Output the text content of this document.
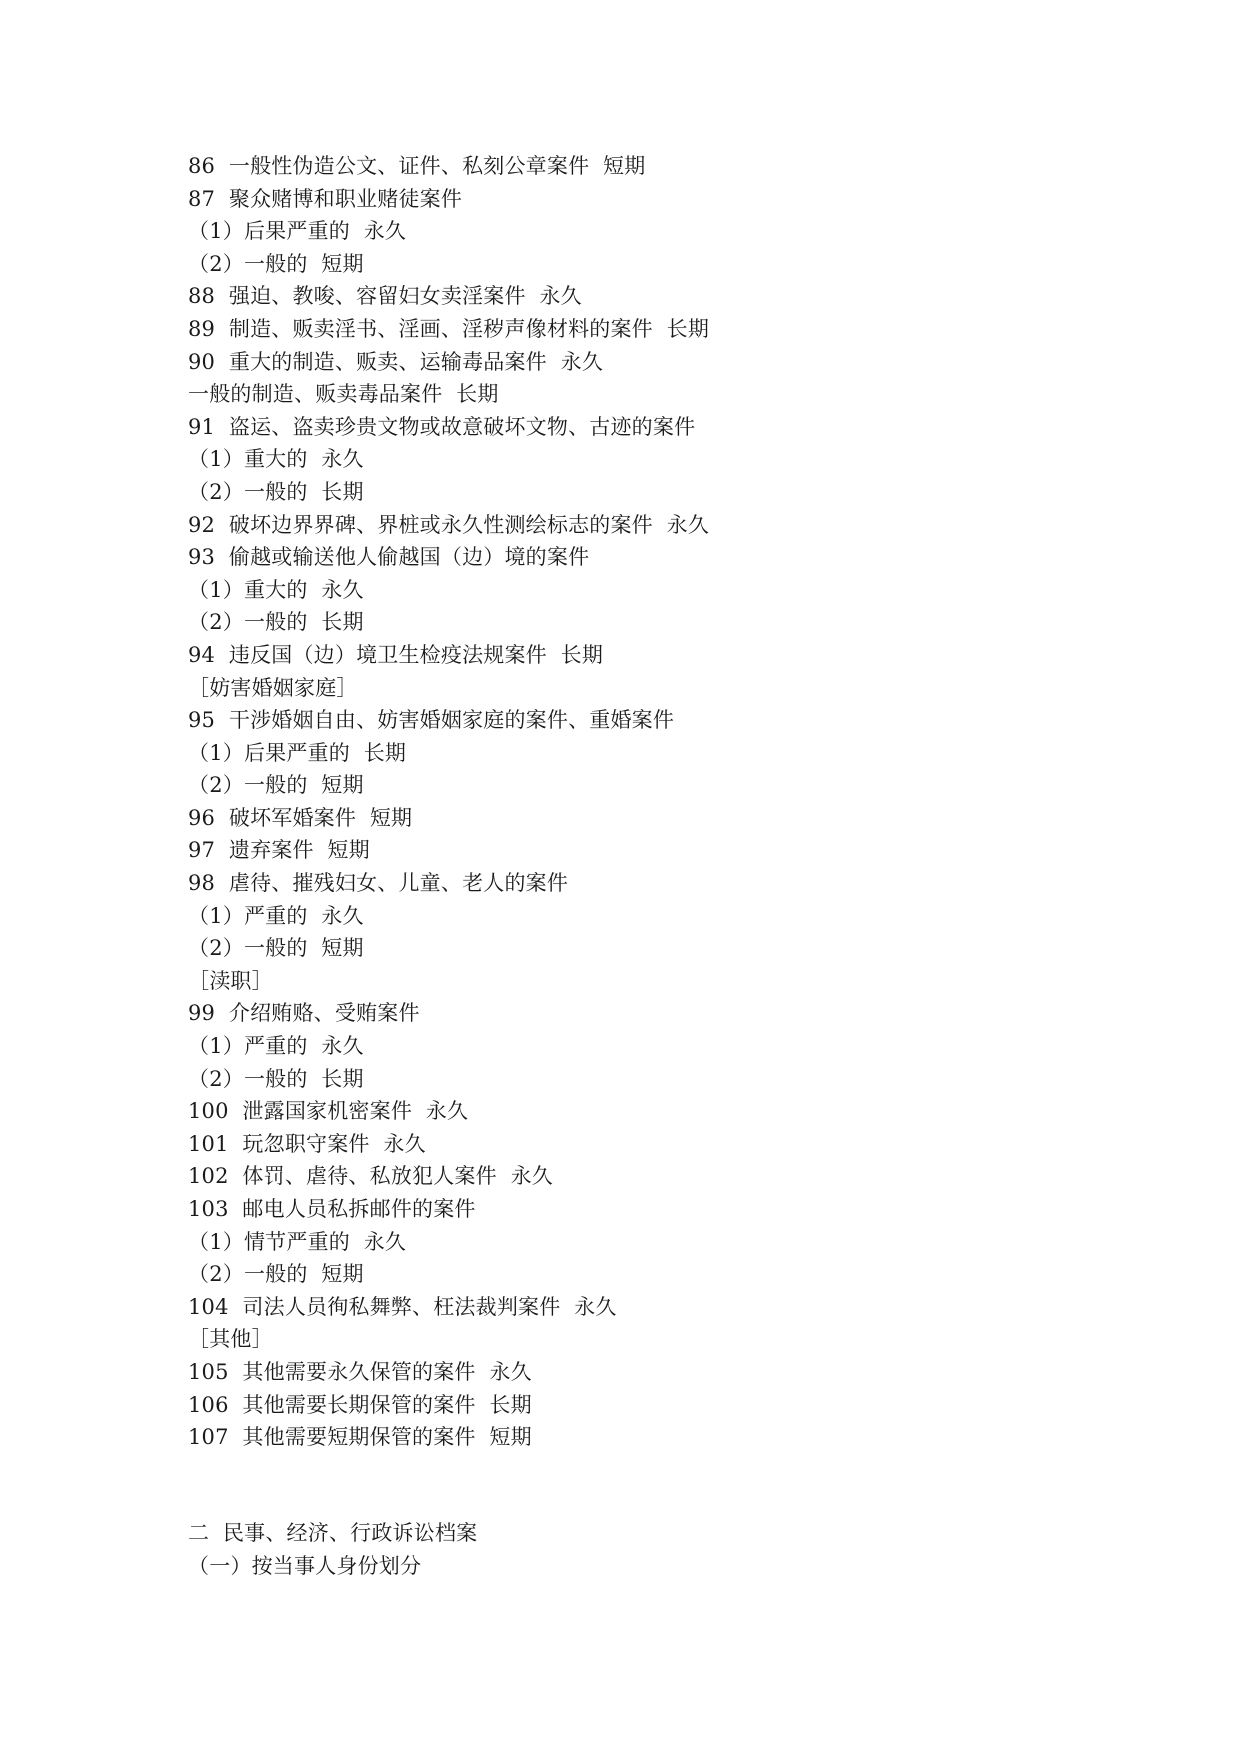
86  一般性伪造公文、证件、私刻公章案件  短期
87  聚众赌博和职业赌徒案件
（1）后果严重的  永久
（2）一般的  短期
88  强迫、教唆、容留妇女卖淫案件  永久
89  制造、贩卖淫书、淫画、淫秽声像材料的案件  长期
90  重大的制造、贩卖、运输毒品案件  永久
一般的制造、贩卖毒品案件  长期
91  盗运、盗卖珍贵文物或故意破坏文物、古迹的案件
（1）重大的  永久
（2）一般的  长期
92  破坏边界界碑、界桩或永久性测绘标志的案件  永久
93  偷越或输送他人偷越国（边）境的案件
（1）重大的  永久
（2）一般的  长期
94  违反国（边）境卫生检疫法规案件  长期
［妨害婚姻家庭］
95  干涉婚姻自由、妨害婚姻家庭的案件、重婚案件
（1）后果严重的  长期
（2）一般的  短期
96  破坏军婚案件  短期
97  遗弃案件  短期
98  虐待、摧残妇女、儿童、老人的案件
（1）严重的  永久
（2）一般的  短期
［渎职］
99  介绍贿赂、受贿案件
（1）严重的  永久
（2）一般的  长期
100  泄露国家机密案件  永久
101  玩忽职守案件  永久
102  体罚、虐待、私放犯人案件  永久
103  邮电人员私拆邮件的案件
（1）情节严重的  永久
（2）一般的  短期
104  司法人员徇私舞弊、枉法裁判案件  永久
［其他］
105  其他需要永久保管的案件  永久
106  其他需要长期保管的案件  长期
107  其他需要短期保管的案件  短期
二  民事、经济、行政诉讼档案
（一）按当事人身份划分
